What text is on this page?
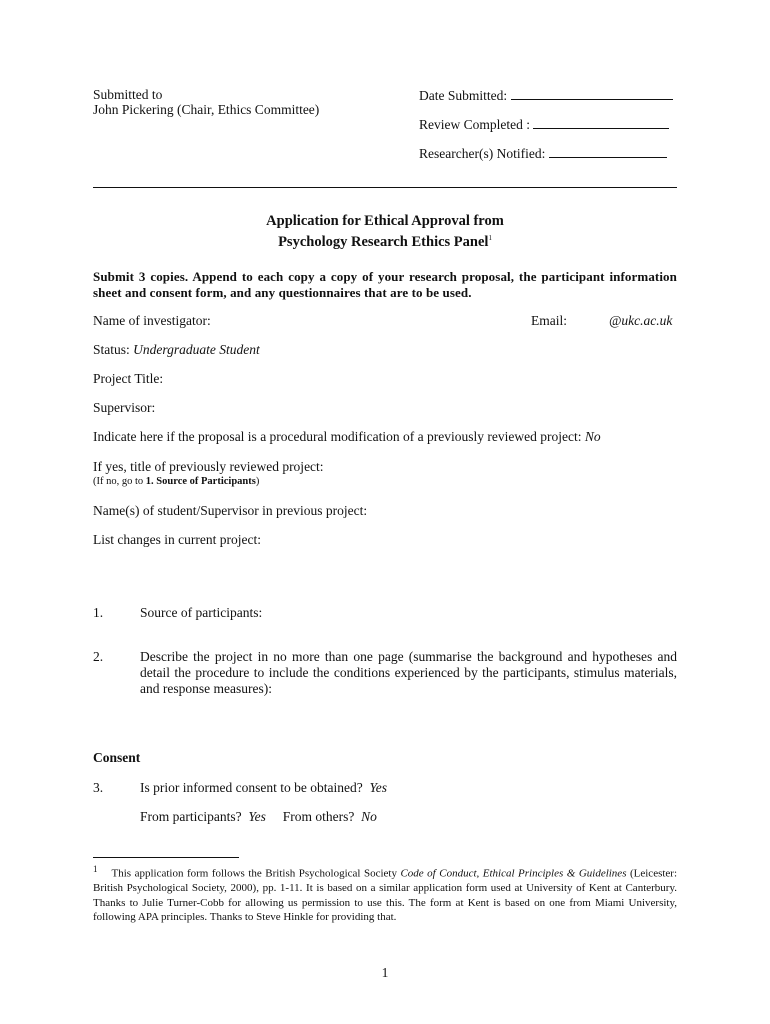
Submitted to
John Pickering (Chair, Ethics Committee)
Date Submitted:
Review Completed :
Researcher(s) Notified:
Application for Ethical Approval from
Psychology Research Ethics Panel$^1$
Submit 3 copies. Append to each copy a copy of your research proposal, the participant information sheet and consent form, and any questionnaires that are to be used.
Name of investigator:	Email:	@ukc.ac.uk
Status: Undergraduate Student
Project Title:
Supervisor:
Indicate here if the proposal is a procedural modification of a previously reviewed project: No
If yes, title of previously reviewed project:
(If no, go to 1. Source of Participants)
Name(s) of student/Supervisor in previous project:
List changes in current project:
1.	Source of participants:
2.	Describe the project in no more than one page (summarise the background and hypotheses and detail the procedure to include the conditions experienced by the participants, stimulus materials, and response measures):
Consent
3.	Is prior informed consent to be obtained? Yes
From participants? Yes From others? No
$^1$ This application form follows the British Psychological Society Code of Conduct, Ethical Principles & Guidelines (Leicester: British Psychological Society, 2000), pp. 1-11. It is based on a similar application form used at University of Kent at Canterbury. Thanks to Julie Turner-Cobb for allowing us permission to use this. The form at Kent is based on one from Miami University, following APA principles. Thanks to Steve Hinkle for providing that.
1
